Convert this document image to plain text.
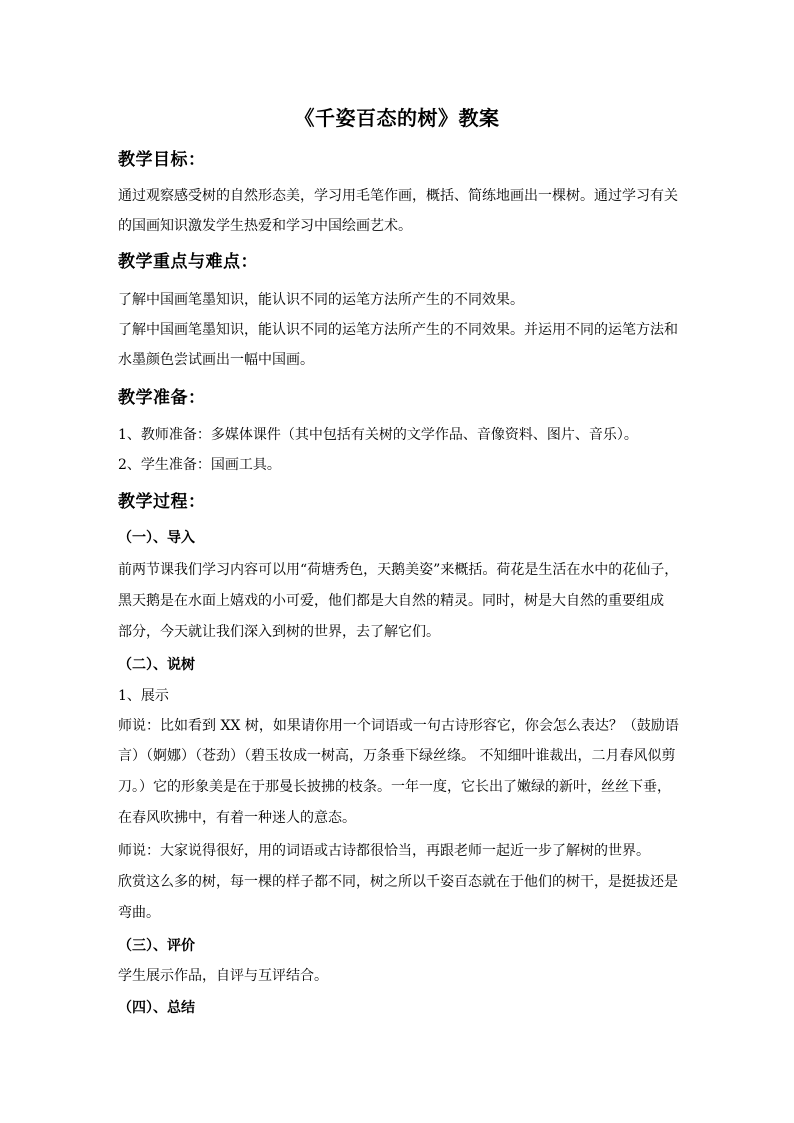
《千姿百态的树》教案
教学目标：
通过观察感受树的自然形态美，学习用毛笔作画，概括、简练地画出一棵树。通过学习有关
的国画知识激发学生热爱和学习中国绘画艺术。
教学重点与难点：
了解中国画笔墨知识，能认识不同的运笔方法所产生的不同效果。
了解中国画笔墨知识，能认识不同的运笔方法所产生的不同效果。并运用不同的运笔方法和
水墨颜色尝试画出一幅中国画。
教学准备：
1、教师准备：多媒体课件（其中包括有关树的文学作品、音像资料、图片、音乐）。
2、学生准备：国画工具。
教学过程：
（一）、导入
前两节课我们学习内容可以用“荷塘秀色，天鹅美姿”来概括。荷花是生活在水中的花仙子，
黑天鹅是在水面上嬉戏的小可爱，他们都是大自然的精灵。同时，树是大自然的重要组成
部分，今天就让我们深入到树的世界，去了解它们。
（二）、说树
1、展示
师说：比如看到 XX 树，如果请你用一个词语或一句古诗形容它，你会怎么表达？（鼓励语
言）（婀娜）（苍劲）（碧玉妆成一树高，万条垂下绿丝绦。 不知细叶谁裁出，二月春风似剪
刀。）它的形象美是在于那曼长披拂的枝条。一年一度，它长出了嫩绿的新叶，丝丝下垂，
在春风吹拂中，有着一种迷人的意态。
师说：大家说得很好，用的词语或古诗都很恰当，再跟老师一起近一步了解树的世界。
欣赏这么多的树，每一棵的样子都不同，树之所以千姿百态就在于他们的树干，是挺拔还是
弯曲。
（三）、评价
学生展示作品，自评与互评结合。
（四）、总结
